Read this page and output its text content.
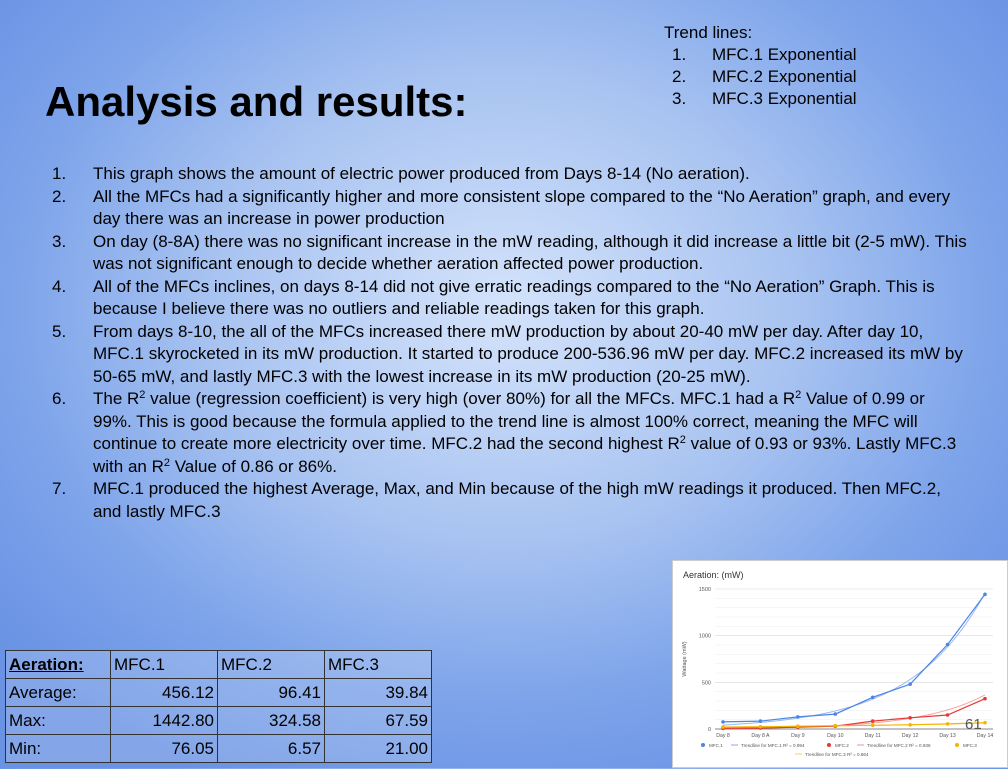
Analysis and results:
Trend lines:
1. MFC.1 Exponential
2. MFC.2 Exponential
3. MFC.3 Exponential
1. This graph shows the amount of electric power produced from Days 8-14 (No aeration).
2. All the MFCs had a significantly higher and more consistent slope compared to the “No Aeration” graph, and every day there was an increase in power production
3. On day (8-8A) there was no significant increase in the mW reading, although it did increase a little bit (2-5 mW). This was not significant enough to decide whether aeration affected power production.
4. All of the MFCs inclines, on days 8-14 did not give erratic readings compared to the “No Aeration” Graph. This is because I believe there was no outliers and reliable readings taken for this graph.
5. From days 8-10, the all of the MFCs increased there mW production by about 20-40 mW per day. After day 10, MFC.1 skyrocketed in its mW production. It started to produce 200-536.96 mW per day. MFC.2 increased its mW by 50-65 mW, and lastly MFC.3 with the lowest increase in its mW production (20-25 mW).
6. The $R^2$ value (regression coefficient) is very high (over 80%) for all the MFCs. MFC.1 had a $R^2$ Value of 0.99 or 99%. This is good because the formula applied to the trend line is almost 100% correct, meaning the MFC will continue to create more electricity over time. MFC.2 had the second highest $R^2$ value of 0.93 or 93%. Lastly MFC.3 with an $R^2$ Value of 0.86 or 86%.
7. MFC.1 produced the highest Average, Max, and Min because of the high mW readings it produced. Then MFC.2, and lastly MFC.3
Aeration:	MFC.1	MFC.2	MFC.3
Average:	456.12	96.41	39.84
Max:	1442.80	324.58	67.59
Min:	76.05	6.57	21.00
Aeration: (mW)
0
500
1000
1500
Wattage (mW)
Day 8	Day 8 A	Day 9	Day 10	Day 11	Day 12	Day 13	Day 14
MFC.1	Trendline for MFC.1 R² = 0.994	MFC.2	Trendline for MFC.2 R² = 0.936	MFC.3
Trendline for MFC.3 R² = 0.864
61
